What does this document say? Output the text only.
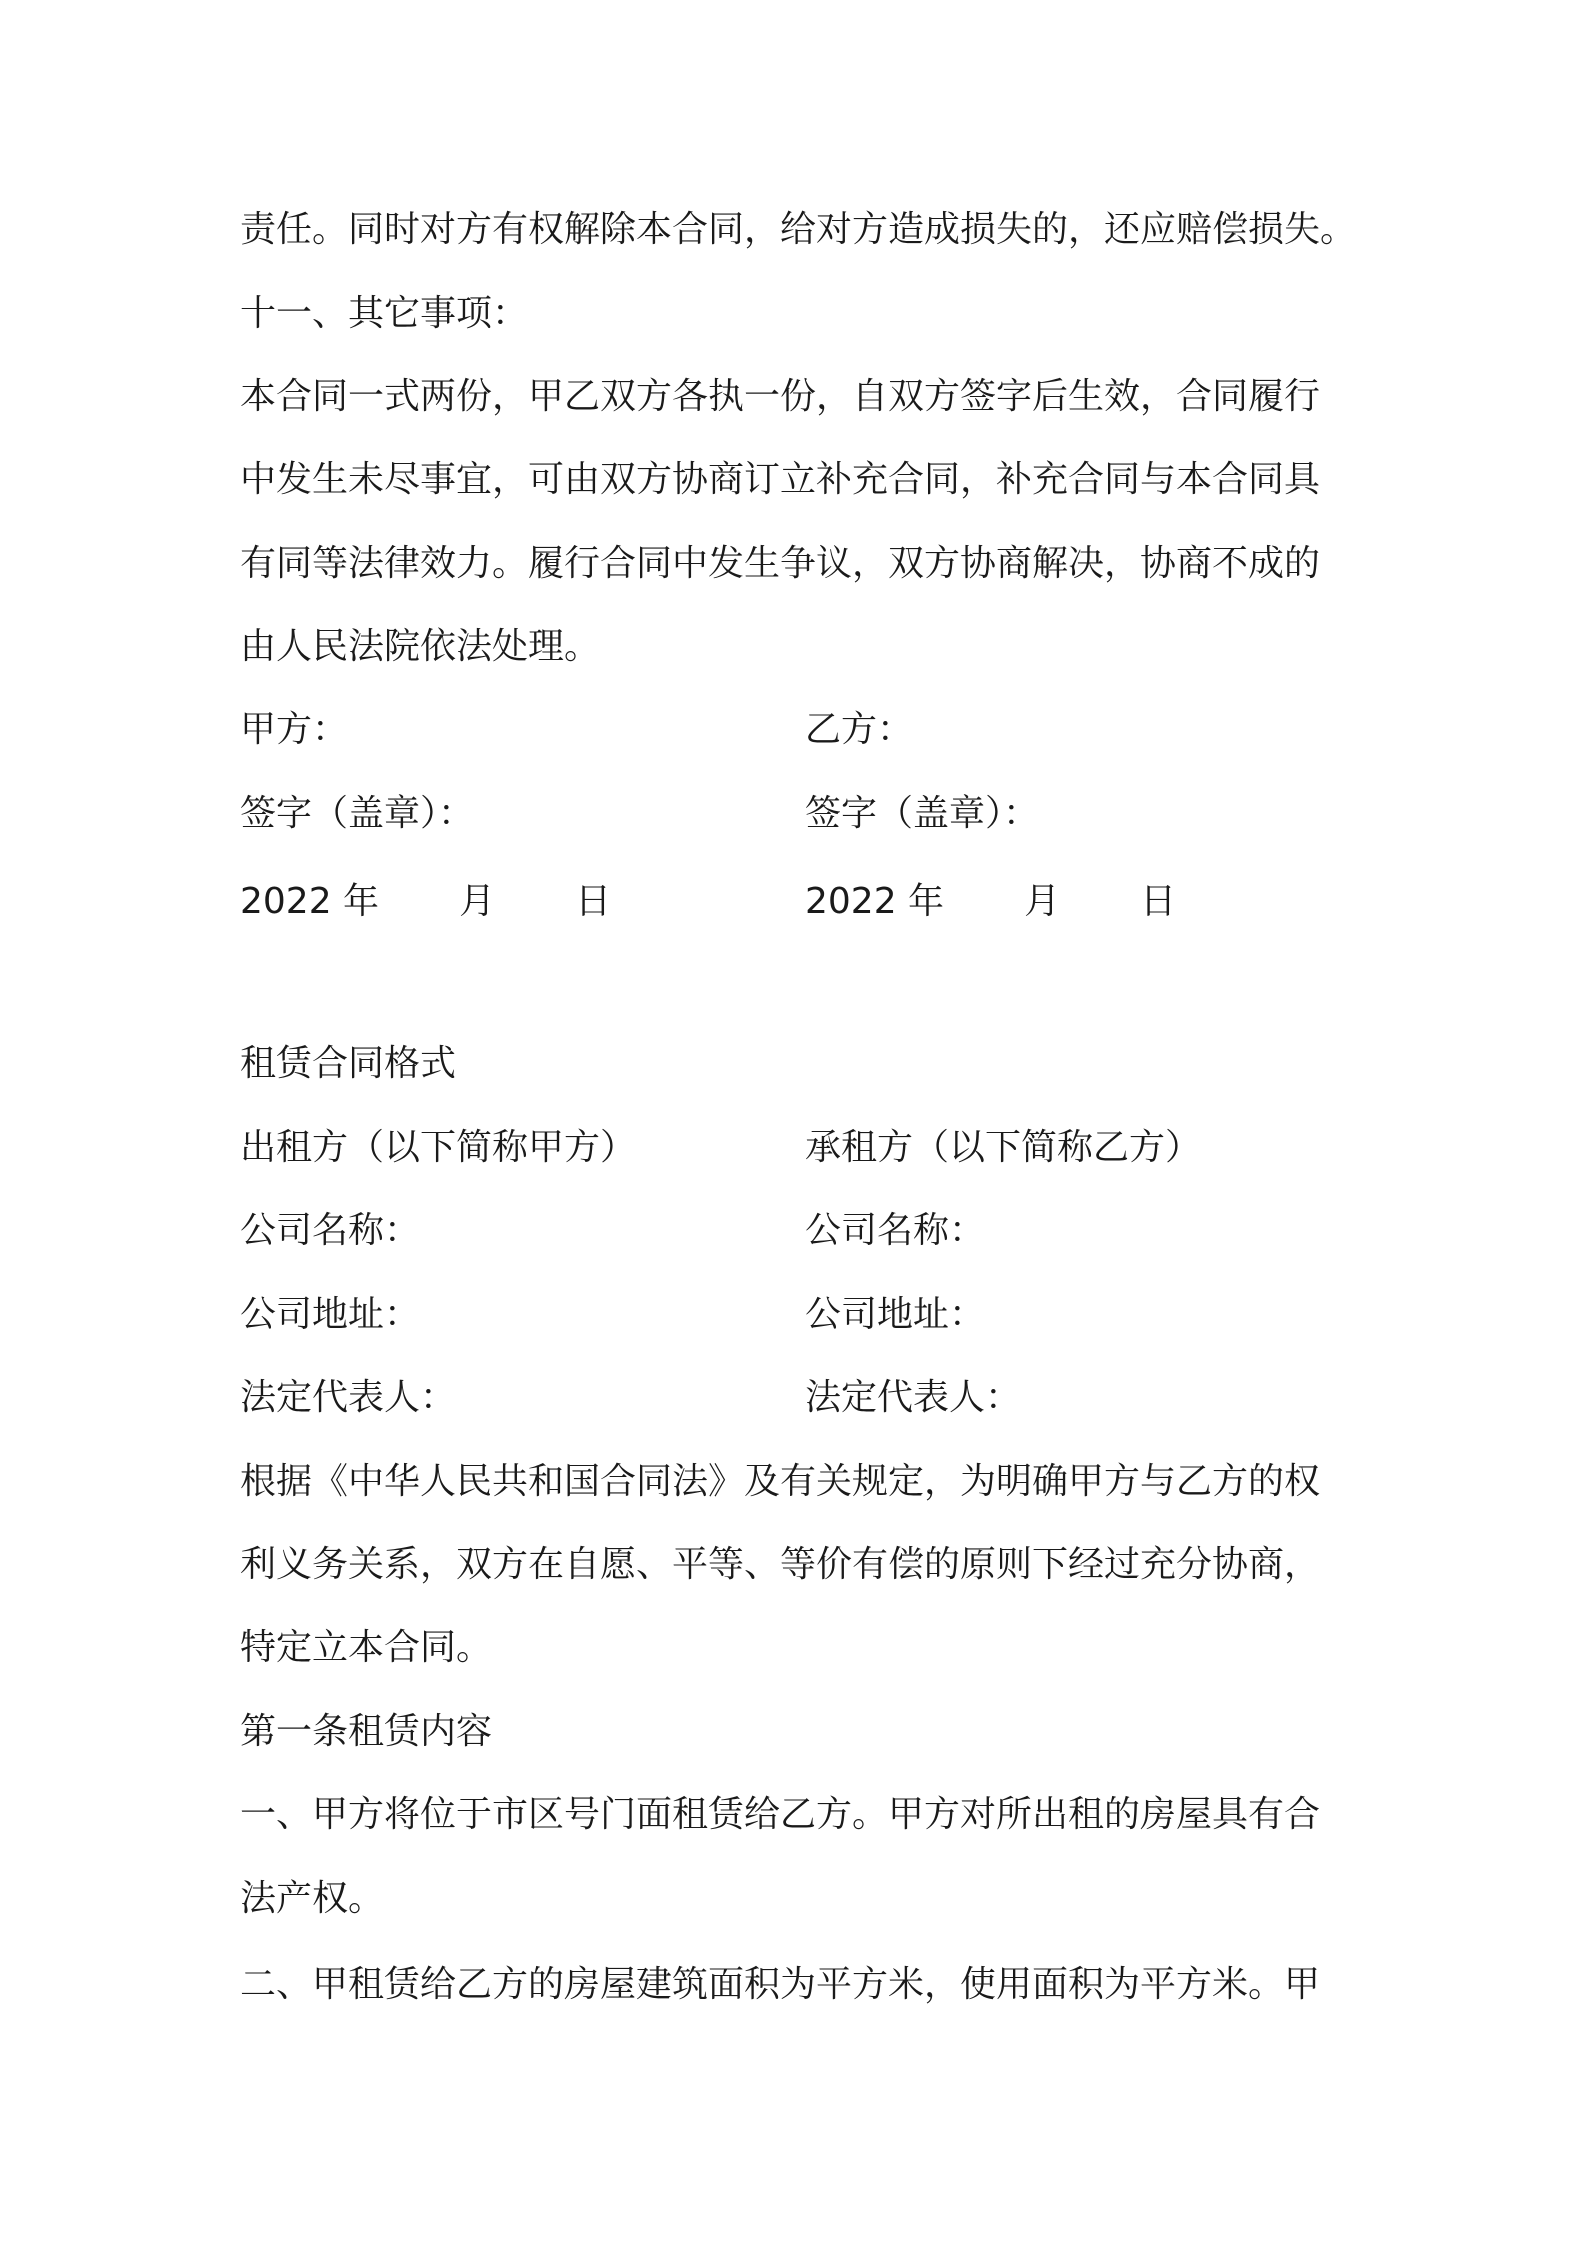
责任。同时对方有权解除本合同，给对方造成损失的，还应赔偿损失。
十一、其它事项：
本合同一式两份，甲乙双方各执一份，自双方签字后生效，合同履行
中发生未尽事宜，可由双方协商订立补充合同，补充合同与本合同具
有同等法律效力。履行合同中发生争议，双方协商解决，协商不成的
由人民法院依法处理。
甲方：	乙方：
签字（盖章）：	签字（盖章）：
2022 年 月 日	2022 年 月 日
租赁合同格式
出租方（以下简称甲方）	承租方（以下简称乙方）
公司名称：	公司名称：
公司地址：	公司地址：
法定代表人：	法定代表人：
根据《中华人民共和国合同法》及有关规定，为明确甲方与乙方的权
利义务关系，双方在自愿、平等、等价有偿的原则下经过充分协商，
特定立本合同。
第一条租赁内容
一、甲方将位于市区号门面租赁给乙方。甲方对所出租的房屋具有合
法产权。
二、甲租赁给乙方的房屋建筑面积为平方米，使用面积为平方米。甲
